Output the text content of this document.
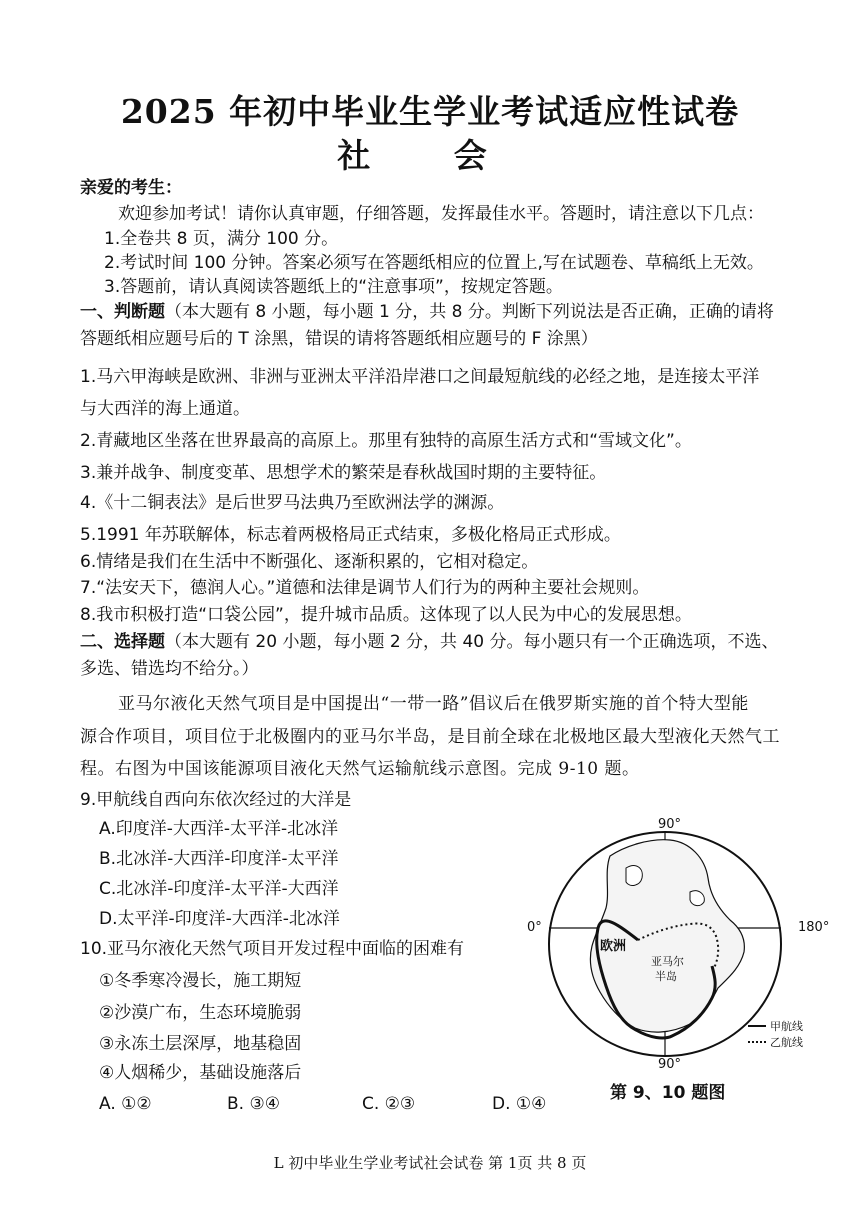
2025 年初中毕业生学业考试适应性试卷
社 会
亲爱的考生：
欢迎参加考试！请你认真审题，仔细答题，发挥最佳水平。答题时，请注意以下几点：
1.全卷共 8 页，满分 100 分。
2.考试时间 100 分钟。答案必须写在答题纸相应的位置上,写在试题卷、草稿纸上无效。
3.答题前，请认真阅读答题纸上的“注意事项”，按规定答题。
一、判断题（本大题有 8 小题，每小题 1 分，共 8 分。判断下列说法是否正确，正确的请将
答题纸相应题号后的 T 涂黑，错误的请将答题纸相应题号的 F 涂黑）
1.马六甲海峡是欧洲、非洲与亚洲太平洋沿岸港口之间最短航线的必经之地，是连接太平洋
与大西洋的海上通道。
2.青藏地区坐落在世界最高的高原上。那里有独特的高原生活方式和“雪域文化”。
3.兼并战争、制度变革、思想学术的繁荣是春秋战国时期的主要特征。
4.《十二铜表法》是后世罗马法典乃至欧洲法学的渊源。
5.1991 年苏联解体，标志着两极格局正式结束，多极化格局正式形成。
6.情绪是我们在生活中不断强化、逐渐积累的，它相对稳定。
7.“法安天下，德润人心。”道德和法律是调节人们行为的两种主要社会规则。
8.我市积极打造“口袋公园”，提升城市品质。这体现了以人民为中心的发展思想。
二、选择题（本大题有 20 小题，每小题 2 分，共 40 分。每小题只有一个正确选项，不选、
多选、错选均不给分。）
亚马尔液化天然气项目是中国提出“一带一路”倡议后在俄罗斯实施的首个特大型能
源合作项目，项目位于北极圈内的亚马尔半岛，是目前全球在北极地区最大型液化天然气工
程。右图为中国该能源项目液化天然气运输航线示意图。完成 9-10 题。
9.甲航线自西向东依次经过的大洋是
A.印度洋-大西洋-太平洋-北冰洋
B.北冰洋-大西洋-印度洋-太平洋
C.北冰洋-印度洋-太平洋-大西洋
D.太平洋-印度洋-大西洋-北冰洋
10.亚马尔液化天然气项目开发过程中面临的困难有
①冬季寒冷漫长，施工期短
②沙漠广布，生态环境脆弱
③永冻土层深厚，地基稳固
④人烟稀少，基础设施落后
A. ①②	B. ③④	C. ②③	D. ①④
90°
0°	180°
90°
欧洲
亚马尔
半岛
甲航线
乙航线
第 9、10 题图
L 初中毕业生学业考试社会试卷 第 1页 共 8 页
